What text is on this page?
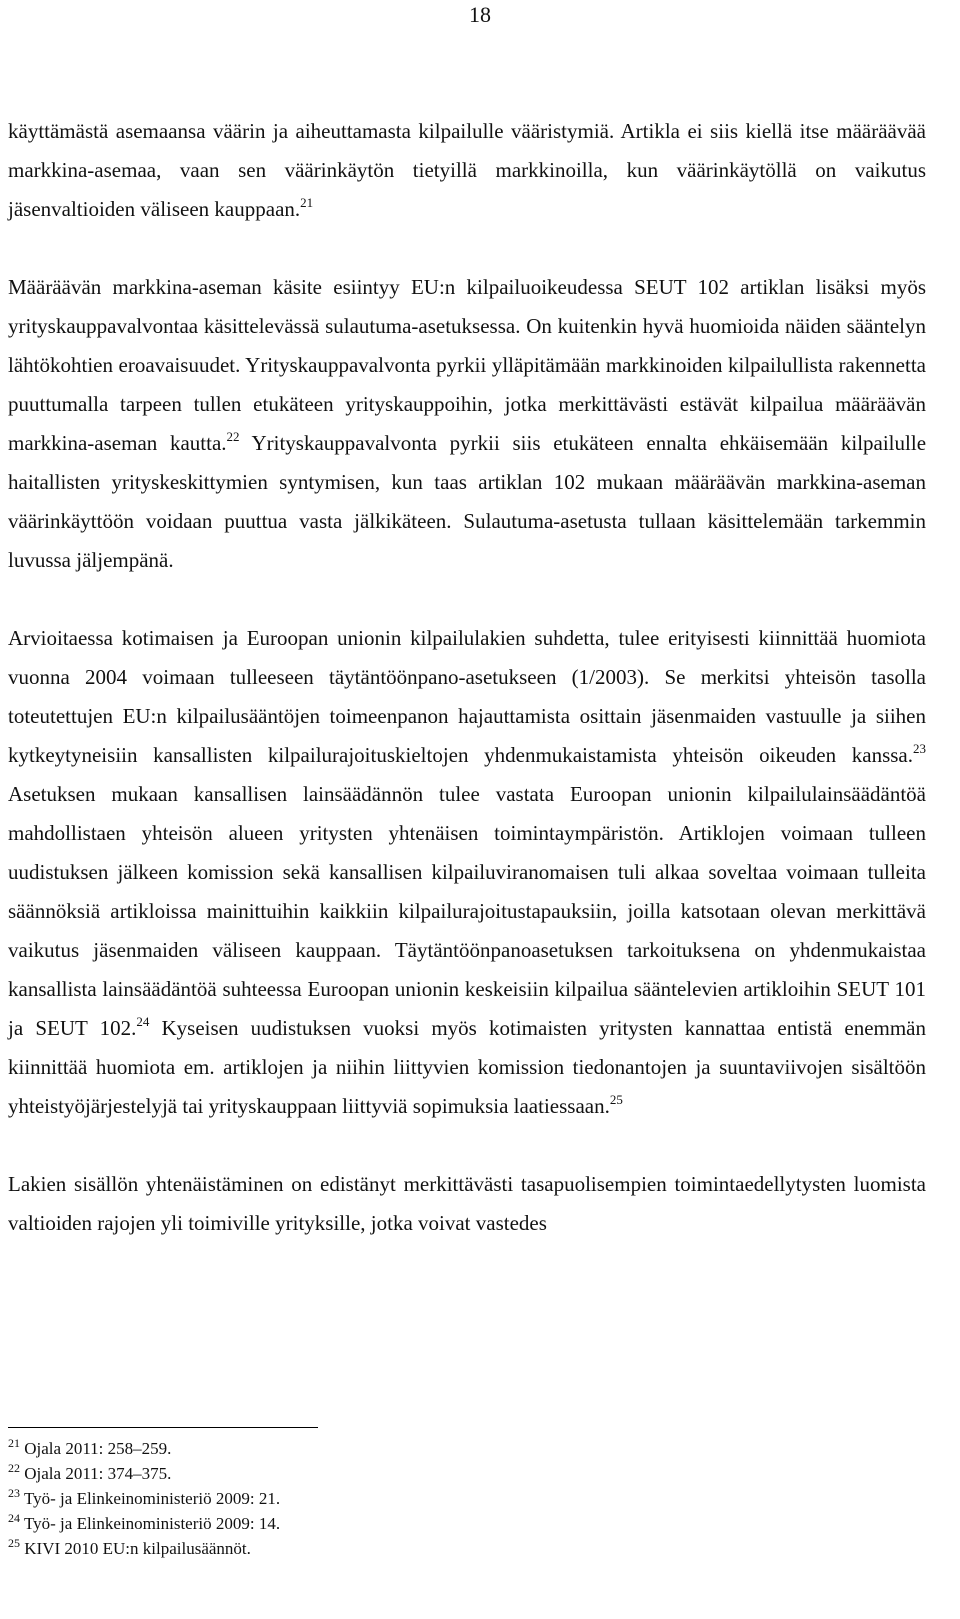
18

käyttämästä asemaansa väärin ja aiheuttamasta kilpailulle vääristymiä. Artikla ei siis kiellä itse määräävää markkina-asemaa, vaan sen väärinkäytön tietyillä markkinoilla, kun väärinkäytöllä on vaikutus jäsenvaltioiden väliseen kauppaan.$^{21}$

Määräävän markkina-aseman käsite esiintyy EU:n kilpailuoikeudessa SEUT 102 artiklan lisäksi myös yrityskauppavalvontaa käsittelevässä sulautuma-asetuksessa. On kuitenkin hyvä huomioida näiden sääntelyn lähtökohtien eroavaisuudet. Yrityskauppavalvonta pyrkii ylläpitämään markkinoiden kilpailullista rakennetta puuttumalla tarpeen tullen etukäteen yrityskauppoihin, jotka merkittävästi estävät kilpailua määräävän markkina-aseman kautta.$^{22}$ Yrityskauppavalvonta pyrkii siis etukäteen ennalta ehkäisemään kilpailulle haitallisten yrityskeskittymien syntymisen, kun taas artiklan 102 mukaan määräävän markkina-aseman väärinkäyttöön voidaan puuttua vasta jälkikäteen. Sulautuma-asetusta tullaan käsittelemään tarkemmin luvussa jäljempänä.

Arvioitaessa kotimaisen ja Euroopan unionin kilpailulakien suhdetta, tulee erityisesti kiinnittää huomiota vuonna 2004 voimaan tulleeseen täytäntöönpano-asetukseen (1/2003). Se merkitsi yhteisön tasolla toteutettujen EU:n kilpailusääntöjen toimeenpanon hajauttamista osittain jäsenmaiden vastuulle ja siihen kytkeytyneisiin kansallisten kilpailurajoituskieltojen yhdenmukaistamista yhteisön oikeuden kanssa.$^{23}$ Asetuksen mukaan kansallisen lainsäädännön tulee vastata Euroopan unionin kilpailulainsäädäntöä mahdollistaen yhteisön alueen yritysten yhtenäisen toimintaympäristön. Artiklojen voimaan tulleen uudistuksen jälkeen komission sekä kansallisen kilpailuviranomaisen tuli alkaa soveltaa voimaan tulleita säännöksiä artikloissa mainittuihin kaikkiin kilpailurajoitustapauksiin, joilla katsotaan olevan merkittävä vaikutus jäsenmaiden väliseen kauppaan. Täytäntöönpanoasetuksen tarkoituksena on yhdenmukaistaa kansallista lainsäädäntöä suhteessa Euroopan unionin keskeisiin kilpailua sääntelevien artikloihin SEUT 101 ja SEUT 102.24 Kyseisen uudistuksen vuoksi myös kotimaisten yritysten kannattaa entistä enemmän kiinnittää huomiota em. artiklojen ja niihin liittyvien komission tiedonantojen ja suuntaviivojen sisältöön yhteistyöjärjestelyjä tai yrityskauppaan liittyviä sopimuksia laatiessaan.$^{25}$

Lakien sisällön yhtenäistäminen on edistänyt merkittävästi tasapuolisempien toimintaedellytysten luomista valtioiden rajojen yli toimiville yrityksille, jotka voivat vastedes

$^{21}$ Ojala 2011: 258–259.
$^{22}$ Ojala 2011: 374–375.
$^{23}$ Työ- ja Elinkeinoministeriö 2009: 21.
$^{24}$ Työ- ja Elinkeinoministeriö 2009: 14.
$^{25}$ KIVI 2010 EU:n kilpailusäännöt.
